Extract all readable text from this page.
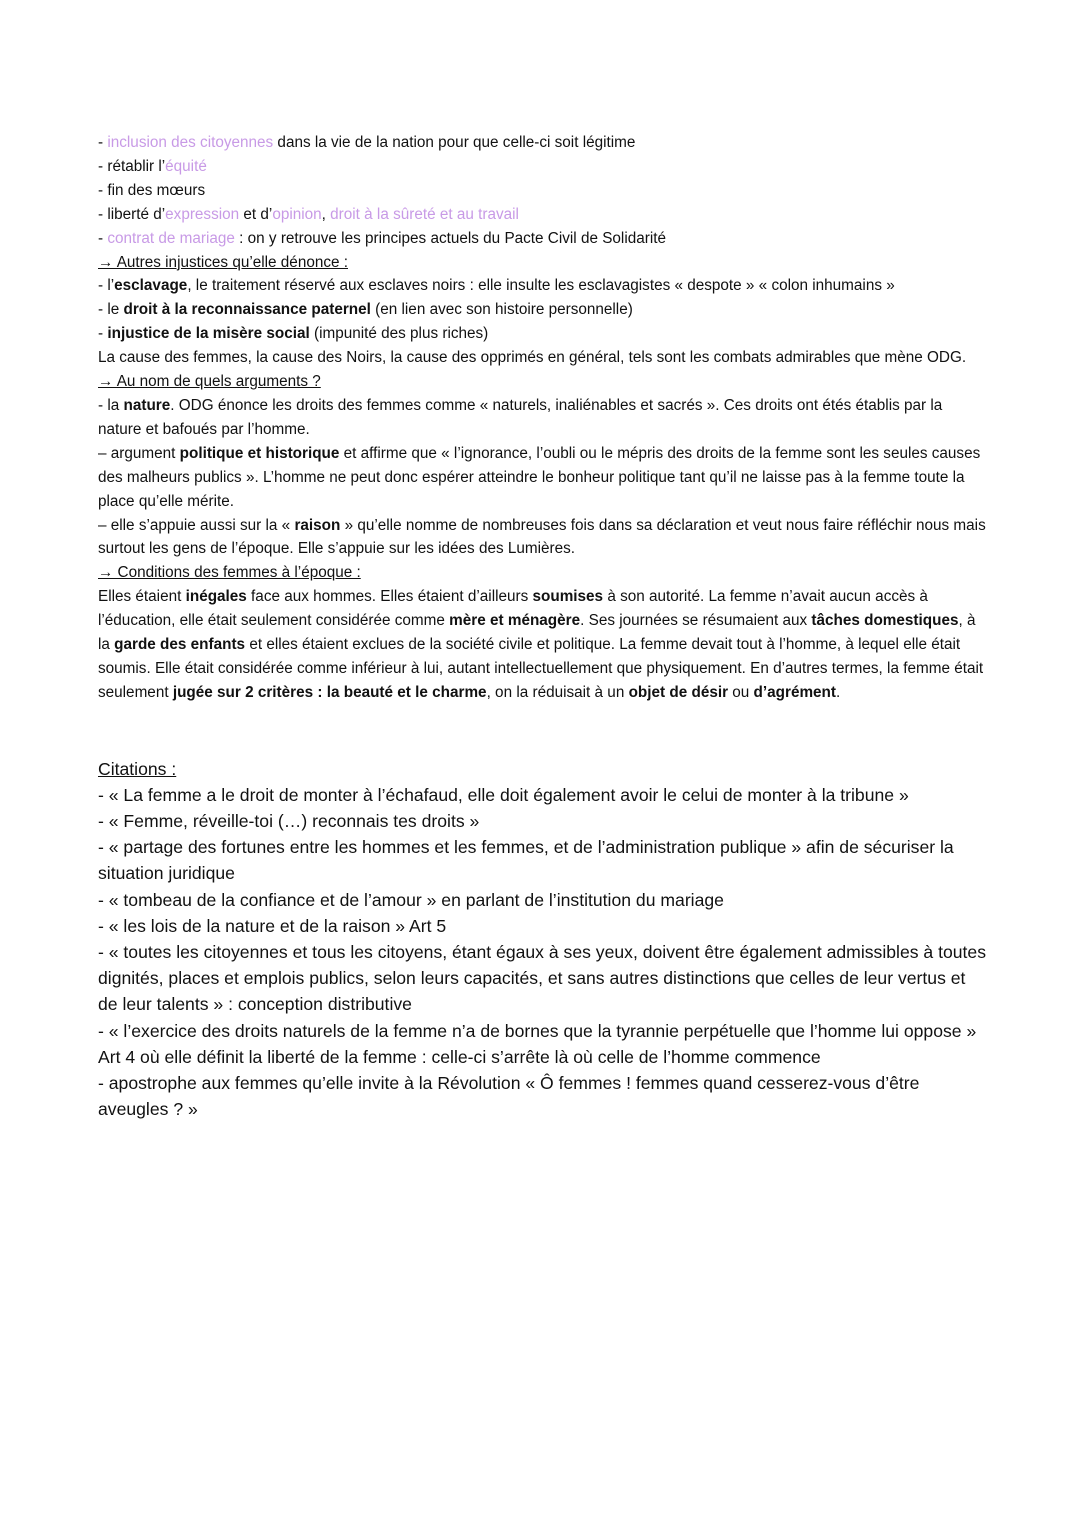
- inclusion des citoyennes dans la vie de la nation pour que celle-ci soit légitime
- rétablir l’équité
- fin des mœurs
- liberté d’expression et d’opinion, droit à la sûreté et au travail
- contrat de mariage : on y retrouve les principes actuels du Pacte Civil de Solidarité
→ Autres injustices qu’elle dénonce :
- l’esclavage, le traitement réservé aux esclaves noirs : elle insulte les esclavagistes « despote » « colon inhumains »
- le droit à la reconnaissance paternel (en lien avec son histoire personnelle)
- injustice de la misère social (impunité des plus riches)
La cause des femmes, la cause des Noirs, la cause des opprimés en général, tels sont les combats admirables que mène ODG.
→ Au nom de quels arguments ?
- la nature. ODG énonce les droits des femmes comme « naturels, inaliénables et sacrés ». Ces droits ont étés établis par la nature et bafoués par l’homme.
– argument politique et historique et affirme que « l’ignorance, l’oubli ou le mépris des droits de la femme sont les seules causes des malheurs publics ». L’homme ne peut donc espérer atteindre le bonheur politique tant qu’il ne laisse pas à la femme toute la place qu’elle mérite.
– elle s’appuie aussi sur la « raison » qu’elle nomme de nombreuses fois dans sa déclaration et veut nous faire réfléchir nous mais surtout les gens de l’époque. Elle s’appuie sur les idées des Lumières.
→ Conditions des femmes à l’époque :
Elles étaient inégales face aux hommes. Elles étaient d’ailleurs soumises à son autorité. La femme n’avait aucun accès à l’éducation, elle était seulement considérée comme mère et ménagère. Ses journées se résumaient aux tâches domestiques, à la garde des enfants et elles étaient exclues de la société civile et politique. La femme devait tout à l’homme, à lequel elle était soumis. Elle était considérée comme inférieur à lui, autant intellectuellement que physiquement. En d’autres termes, la femme était seulement jugée sur 2 critères : la beauté et le charme, on la réduisait à un objet de désir ou d’agrément.
Citations :
- « La femme a le droit de monter à l’échafaud, elle doit également avoir le celui de monter à la tribune »
- « Femme, réveille-toi (…) reconnais tes droits »
- « partage des fortunes entre les hommes et les femmes, et de l’administration publique » afin de sécuriser la situation juridique
- « tombeau de la confiance et de l’amour » en parlant de l’institution du mariage
- « les lois de la nature et de la raison » Art 5
- « toutes les citoyennes et tous les citoyens, étant égaux à ses yeux, doivent être également admissibles à toutes dignités, places et emplois publics, selon leurs capacités, et sans autres distinctions que celles de leur vertus et de leur talents » : conception distributive
- « l’exercice des droits naturels de la femme n’a de bornes que la tyrannie perpétuelle que l’homme lui oppose » Art 4 où elle définit la liberté de la femme : celle-ci s’arrête là où celle de l’homme commence
- apostrophe aux femmes qu’elle invite à la Révolution « Ô femmes ! femmes quand cesserez-vous d’être aveugles ? »
